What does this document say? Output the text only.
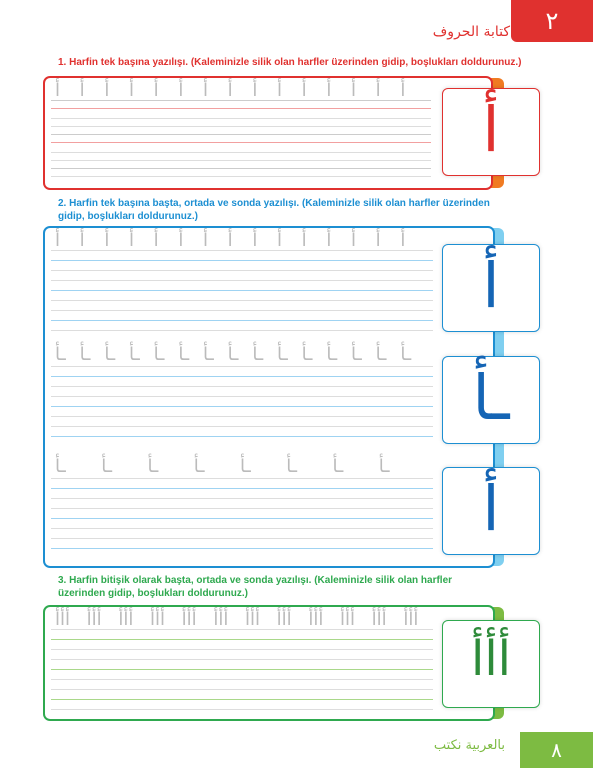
كتابة الحروف	٢
1. Harfin tek başına yazılışı. (Kaleminizle silik olan harfler üzerinden gidip, boşlukları doldurunuz.)
أ أ أ أ أ أ أ أ أ أ أ أ أ أ أ
أ
2. Harfin tek başına başta, ortada ve sonda yazılışı. (Kaleminizle silik olan harfler üzerinden gidip, boşlukları doldurunuz.)
أ أ أ أ أ أ أ أ أ أ أ أ أ أ أ
ـأ ـأ ـأ ـأ ـأ ـأ ـأ ـأ ـأ ـأ ـأ ـأ ـأ ـأ ـأ
ـأ ـأ ـأ ـأ ـأ ـأ ـأ ـأ
أ
ـأ
أ
3. Harfin bitişik olarak başta, ortada ve sonda yazılışı. (Kaleminizle silik olan harfler üzerinden gidip, boşlukları doldurunuz.)
أأأ أأأ أأأ أأأ أأأ أأأ أأأ أأأ أأأ أأأ أأأ أأأ
أأأ
بالعربية نكتب	٨
